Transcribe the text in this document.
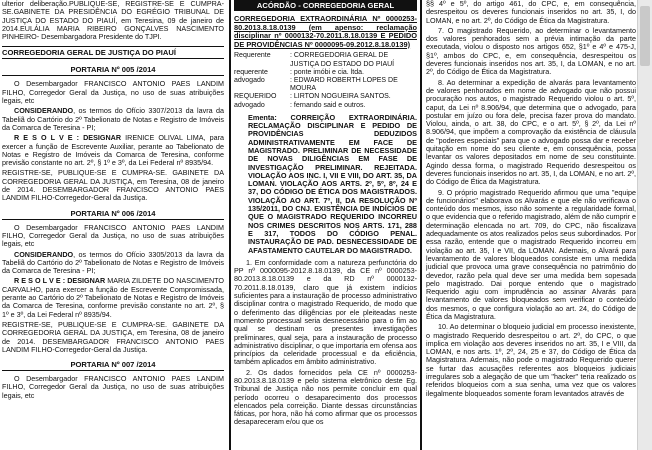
ulterior deliberação.PUBLIQUE-SE, REGISTRE-SE E CUMPRA-SE.GABINETE DA PRESIDÊNCIA DO EGRÉGIO TRIBUNAL DE JUSTIÇA DO ESTADO DO PIAUÍ, em Teresina, 09 de janeiro de 2014.EULÁLIA MARIA RIBEIRO GONÇALVES NASCIMENTO PINHEIRO- Desembargadora Presidente do TJPI.

CORREGEDORIA GERAL DE JUSTIÇA DO PIAUÍ
PORTARIA Nº 005 /2014

O Desembargador FRANCISCO ANTONIO PAES LANDIM FILHO, Corregedor Geral da Justiça, no uso de suas atribuições legais, etc

CONSIDERANDO, os termos do Ofício 3307/2013 da lavra da Tabeliã do Cartório do 2º Tabelionato de Notas e Registro de Imóveis da Comarca de Teresina - PI;

R E S O L V E : DESIGNAR IRENICE OLIVAL LIMA, para exercer a função de Escrevente Auxiliar, perante ao Tabelionato de Notas e Registro de Imóveis da Comarca de Teresina, conforme previsão constante no art. 2º, § 1º e 3º, da Lei Federal nº 8935/94.

REGISTRE-SE, PUBLIQUE-SE E CUMPRA-SE. GABINETE DA CORREGEDORIA GERAL DA JUSTIÇA, em Teresina, 08 de janeiro de 2014. DESEMBARGADOR FRANCISCO ANTONIO PAES LANDIM FILHO-Corregedor-Geral da Justiça.

PORTARIA Nº 006 /2014

O Desembargador FRANCISCO ANTONIO PAES LANDIM FILHO, Corregedor Geral da Justiça, no uso de suas atribuições legais, etc

CONSIDERANDO, os termos do Ofício 3305/2013 da lavra da Tabeliã do Cartório do 2º Tabelionato de Notas e Registro de Imóveis da Comarca de Teresina - PI;

R E S O L V E : DESIGNAR MARIA ZILDETE DO NASCIMENTO CARVALHO, para exercer a função de Escrevente Compromissada, perante ao Cartório do 2º Tabelionato de Notas e Registro de Imóveis da Comarca de Teresina, conforme previsão constante no art. 2º, § 1º e 3º, da Lei Federal nº 8935/94.

REGISTRE-SE, PUBLIQUE-SE E CUMPRA-SE. GABINETE DA CORREGEDORIA GERAL DA JUSTIÇA, em Teresina, 08 de janeiro de 2014. DESEMBARGADOR FRANCISCO ANTONIO PAES LANDIM FILHO-Corregedor-Geral da Justiça.

PORTARIA Nº 007 /2014

O Desembargador FRANCISCO ANTONIO PAES LANDIM FILHO, Corregedor Geral da Justiça, no uso de suas atribuições legais, etc

ACÓRDÃO - CORREGEDORIA GERAL
CORREGEDORIA EXTRAORDINÁRIA Nº 0000253-80.2013.8.18.0139 (em apenso: reclamação disciplinar nº 0000132-70.2011.8.18.0139 E PEDIDO DE PROVIDÊNCIAS Nº 0000095-09.2012.8.18.0139)
Requerente	: CORREGEDORIA GERAL DE JUSTIÇA DO ESTADO DO PIAUÍ
requerente	: ponte imóbi e cia. ltda.
advogado	: EDWARD ROBERTH LOPES DE MOURA
REQUERIDO	: LIRTON NOGUEIRA SANTOS.
advogado	: fernando said e outros.
Ementa: CORREIÇÃO EXTRAORDINÁRIA. RECLAMAÇÃO DISCIPLINAR E PEDIDO DE PROVIDÊNCIAS DEDUZIDOS ADMINISTRATIVAMENTE EM FACE DE MAGISTRADO. PRELIMINAR DE NECESSIDADE DE NOVAS DILIGÊNCIAS EM FASE DE INVESTIGAÇÃO PRELIMINAR. REJEITADA. VIOLAÇÃO AOS INC. I, VII E VIII, DO ART. 35, DA LOMAN. VIOLAÇÃO AOS ARTS. 2º, 5º, 8º, 24 E 37, DO CÓDIGO DE ÉTICA DOS MAGISTRADOS. VIOLAÇÃO AO ART. 7º, II, DA RESOLUÇÃO Nº 135/2011, DO CNJ. EXISTÊNCIA DE INDÍCIOS DE QUE O MAGISTRADO REQUERIDO INCORREU NOS CRIMES DESCRITOS NOS ARTS. 171, 288 E 317, TODOS DO CÓDIGO PENAL. INSTAURAÇÃO DE PAD. DESNECESSIDADE DE AFASTAMENTO CAUTELAR DO MAGISTRADO.

1. Em conformidade com a natureza perfunctória do PP nº 0000095-2012.8.18.0139, da CE nº 0000253-80.2013.8.18.0139 e da RD nº 0000132-70.2011.8.18.0139, claro que já existem indícios suficientes para a instauração de processo administrativo disciplinar contra o magistrado Requerido, de modo que o deferimento das diligências por ele pleiteadas neste momento processual seria desnecessário para o fim ao qual se destinam os presentes investigações preliminares, qual seja, para a instauração de processo administrativo disciplinar, o que importaria em ofensa aos princípios da celeridade processual e da eficiência, também aplicados em âmbito administrativo.

2. Os dados fornecidos pela CE nº 0000253-80.2013.8.18.0139 e pelo sistema eletrônico deste Eg. Tribunal de Justiça não nos permite concluir em qual período ocorreu o desaparecimento dos processos elencados pela correição. Diante dessas circunstâncias fáticas, por hora, não há como afirmar que os processos desapareceram e/ou que os

§§ 4º e 5º, do artigo 461, do CPC, e, em consequência, desrespeitou os deveres funcionais inseridos no art. 35, I, do LOMAN, e no art. 2º, do Código de Ética da Magistratura.

7. O magistrado Requerido, ao determinar o levantamento dos valores penhorados sem a prévia intimação da parte executada, violou o disposto nos artigos 652, §1º e 4º e 475-J, §1º, ambos do CPC, e, em consequência, desrespeitou os deveres funcionais inseridos nos art. 35, I, da LOMAN, e no art. 2º, do Código de Ética da Magistratura.

8. Ao determinar a expedição de alvarás para levantamento de valores penhorados em nome de advogado que não possui procuração nos autos, o magistrado Requerido violou o art. 5º, caput, da Lei nº 8.906/94, que determina que o advogado, para postular em juízo ou fora dele, precisa fazer prova do mandato. Violou, ainda, o art. 38, do CPC, e o art. 5º, § 2º, da Lei nº 8.906/94, que impõem a comprovação da existência de cláusula de "poderes especiais" para que o advogado possa dar e receber quitação em nome do seu cliente e, em consequência, possa levantar os valores depositados em nome de seu constituinte. Agindo dessa forma, o magistrado Requerido desrespeitou os deveres funcionais inseridos no art. 35, I, da LOMAN, e no art. 2º, do Código de Ética da Magistratura.

9. O próprio magistrado Requerido afirmou que uma "equipe de funcionários" elaborava os Alvarás e que ele não verificava o conteúdo dos mesmos, isso não somente a regularidade formal, o que evidencia que o referido magistrado, além de não cumprir e determinação elencada no art. 709, do CPC, não fiscalizava adequadamente os atos realizados pelos seus subordinados. Por essa razão, entende que o magistrado Requerido incorreu em violação ao art. 35, I e VII, da LOMAN. Ademais, o Alvará para levantamento de valores bloqueados consiste em uma medida judicial que provoca uma grave consequência no patrimônio do devedor, razão pela qual deve ser uma medida bem sopesada pelo magistrado. Dai porque entendo que o magistrado Requerido agiu com imprudência ao assinar Alvarás para levantamento de valores bloqueados sem verificar o conteúdo dos mesmos, o que configura violação ao art. 24, do Código de Ética da Magistratura.

10. Ao determinar o bloqueio judicial em processo inexistente, o magistrado Requerido desrespeitou o art. 2º, do CPC, o que implica em violação aos deveres inseridos no art. 35, I e VIII, da LOMAN, e nos arts. 1º, 2º, 24, 25 e 37, do Código de Ética da Magistratura. Ademais, não pode o magistrado Requerido querer se furtar das acusações referentes aos bloqueios judiciais irregulares sob a alegação de que um "hacker" teria realizado os referidos bloqueios com a sua senha, uma vez que os valores ilegalmente bloqueados somente foram levantados através de
